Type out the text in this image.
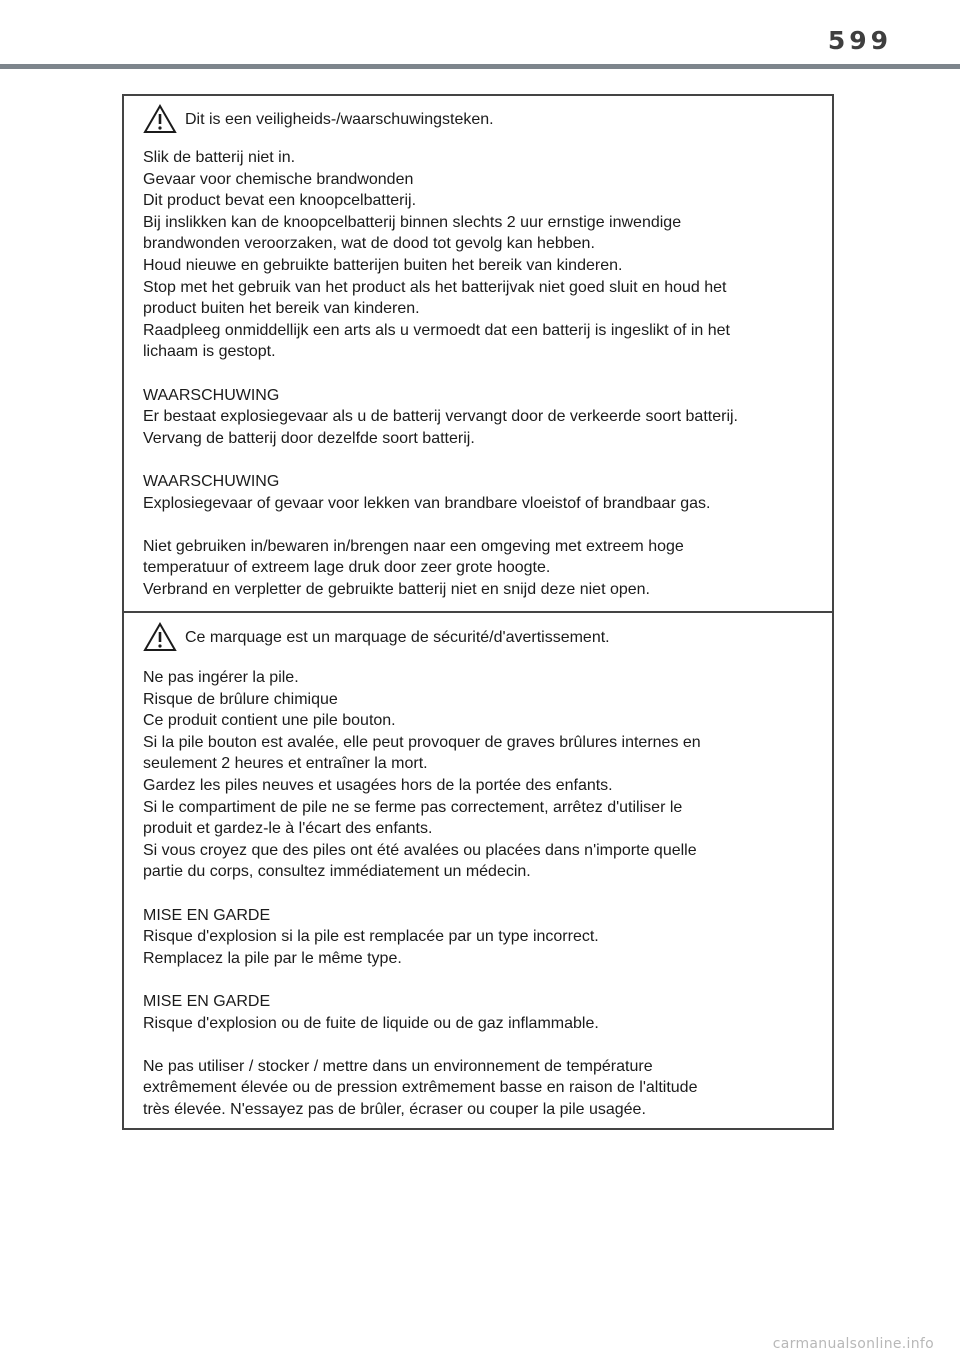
599
Dit is een veiligheids-/waarschuwingsteken.

Slik de batterij niet in.
Gevaar voor chemische brandwonden
Dit product bevat een knoopcelbatterij.
Bij inslikken kan de knoopcelbatterij binnen slechts 2 uur ernstige inwendige
brandwonden veroorzaken, wat de dood tot gevolg kan hebben.
Houd nieuwe en gebruikte batterijen buiten het bereik van kinderen.
Stop met het gebruik van het product als het batterijvak niet goed sluit en houd het
product buiten het bereik van kinderen.
Raadpleeg onmiddellijk een arts als u vermoedt dat een batterij is ingeslikt of in het
lichaam is gestopt.

WAARSCHUWING
Er bestaat explosiegevaar als u de batterij vervangt door de verkeerde soort batterij.
Vervang de batterij door dezelfde soort batterij.

WAARSCHUWING
Explosiegevaar of gevaar voor lekken van brandbare vloeistof of brandbaar gas.

Niet gebruiken in/bewaren in/brengen naar een omgeving met extreem hoge
temperatuur of extreem lage druk door zeer grote hoogte.
Verbrand en verpletter de gebruikte batterij niet en snijd deze niet open.

Ce marquage est un marquage de sécurité/d'avertissement.

Ne pas ingérer la pile.
Risque de brûlure chimique
Ce produit contient une pile bouton.
Si la pile bouton est avalée, elle peut provoquer de graves brûlures internes en
seulement 2 heures et entraîner la mort.
Gardez les piles neuves et usagées hors de la portée des enfants.
Si le compartiment de pile ne se ferme pas correctement, arrêtez d'utiliser le
produit et gardez-le à l'écart des enfants.
Si vous croyez que des piles ont été avalées ou placées dans n'importe quelle
partie du corps, consultez immédiatement un médecin.

MISE EN GARDE
Risque d'explosion si la pile est remplacée par un type incorrect.
Remplacez la pile par le même type.

MISE EN GARDE
Risque d'explosion ou de fuite de liquide ou de gaz inflammable.

Ne pas utiliser / stocker / mettre dans un environnement de température
extrêmement élevée ou de pression extrêmement basse en raison de l'altitude
très élevée. N'essayez pas de brûler, écraser ou couper la pile usagée.

carmanualsonline.info
